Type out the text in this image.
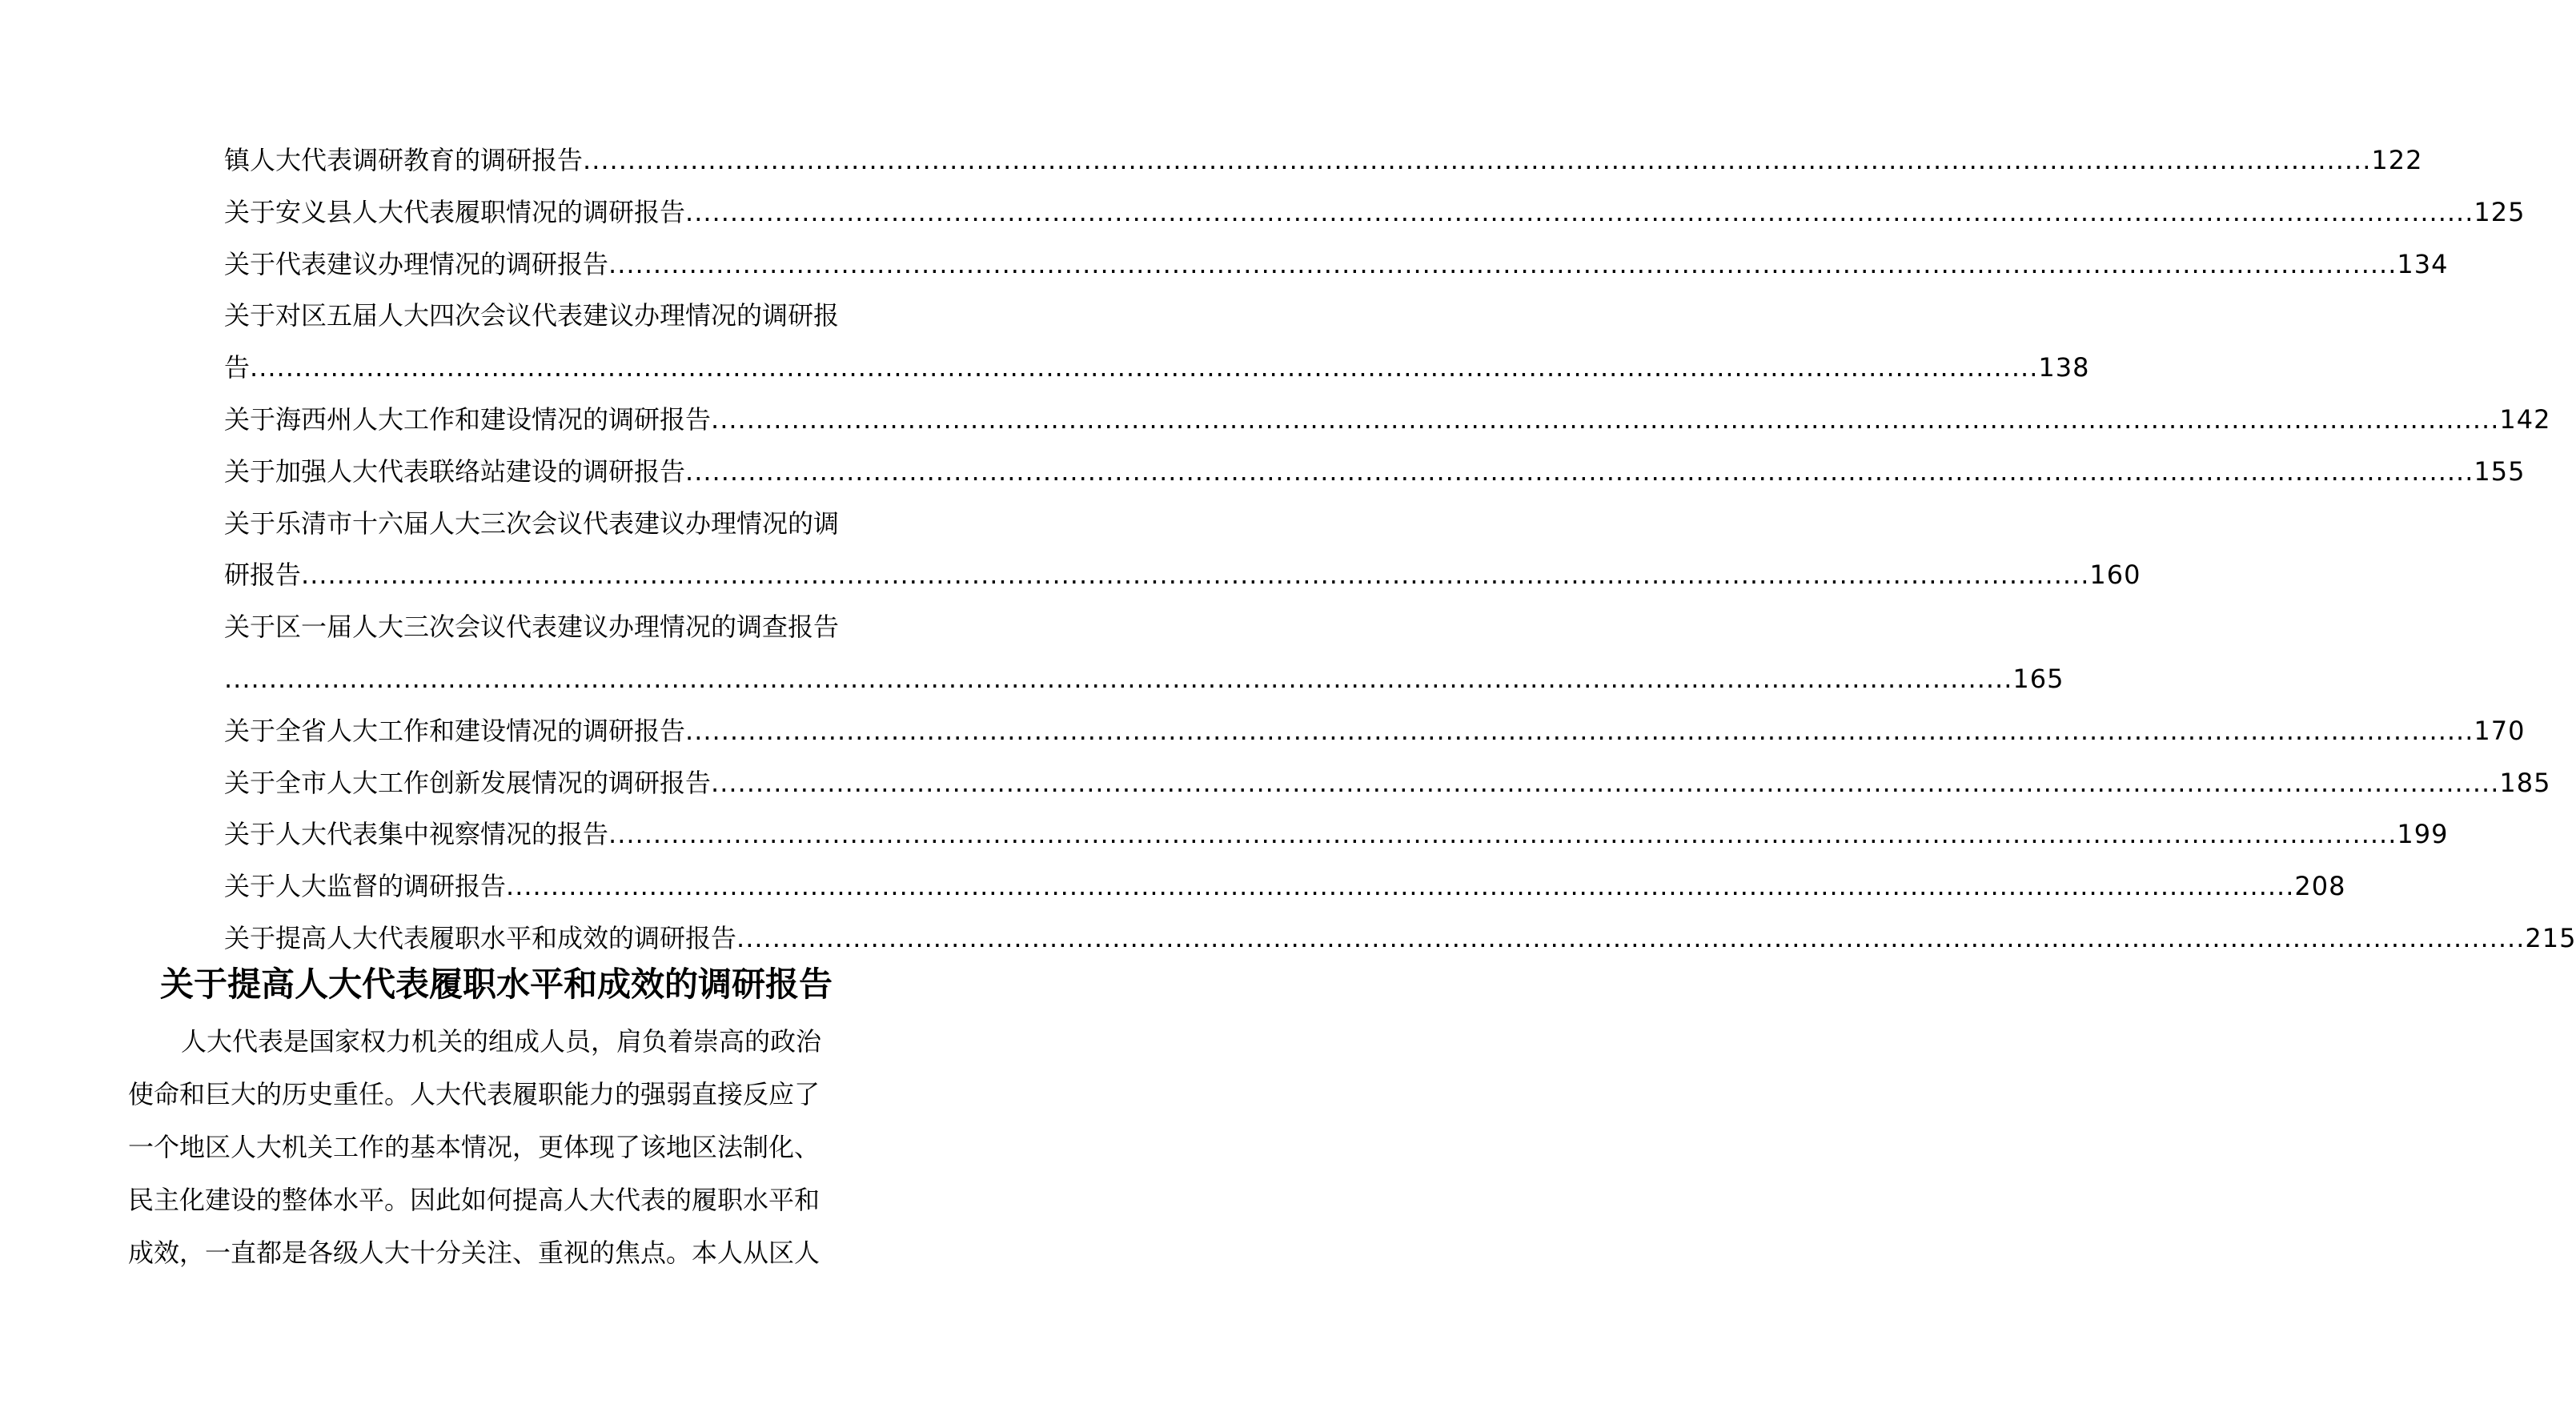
镇人大代表调研教育的调研报告 ........................................................................................................................................................................................................ 122
关于安义县人大代表履职情况的调研报告 ........................................................................................................................................................................................................ 125
关于代表建议办理情况的调研报告 ........................................................................................................................................................................................................ 134
关于对区五届人大四次会议代表建议办理情况的调研报
告 ........................................................................................................................................................................................................ 138
关于海西州人大工作和建设情况的调研报告 ........................................................................................................................................................................................................ 142
关于加强人大代表联络站建设的调研报告 ........................................................................................................................................................................................................ 155
关于乐清市十六届人大三次会议代表建议办理情况的调
研报告 ........................................................................................................................................................................................................ 160
关于区一届人大三次会议代表建议办理情况的调查报告
........................................................................................................................................................................................................ 165
关于全省人大工作和建设情况的调研报告 ........................................................................................................................................................................................................ 170
关于全市人大工作创新发展情况的调研报告 ........................................................................................................................................................................................................ 185
关于人大代表集中视察情况的报告 ........................................................................................................................................................................................................ 199
关于人大监督的调研报告 ........................................................................................................................................................................................................ 208
关于提高人大代表履职水平和成效的调研报告 ........................................................................................................................................................................................................ 215
关于提高人大代表履职水平和成效的调研报告
人大代表是国家权力机关的组成人员，肩负着崇高的政治
使命和巨大的历史重任。人大代表履职能力的强弱直接反应了
一个地区人大机关工作的基本情况，更体现了该地区法制化、
民主化建设的整体水平。因此如何提高人大代表的履职水平和
成效，一直都是各级人大十分关注、重视的焦点。本人从区人
